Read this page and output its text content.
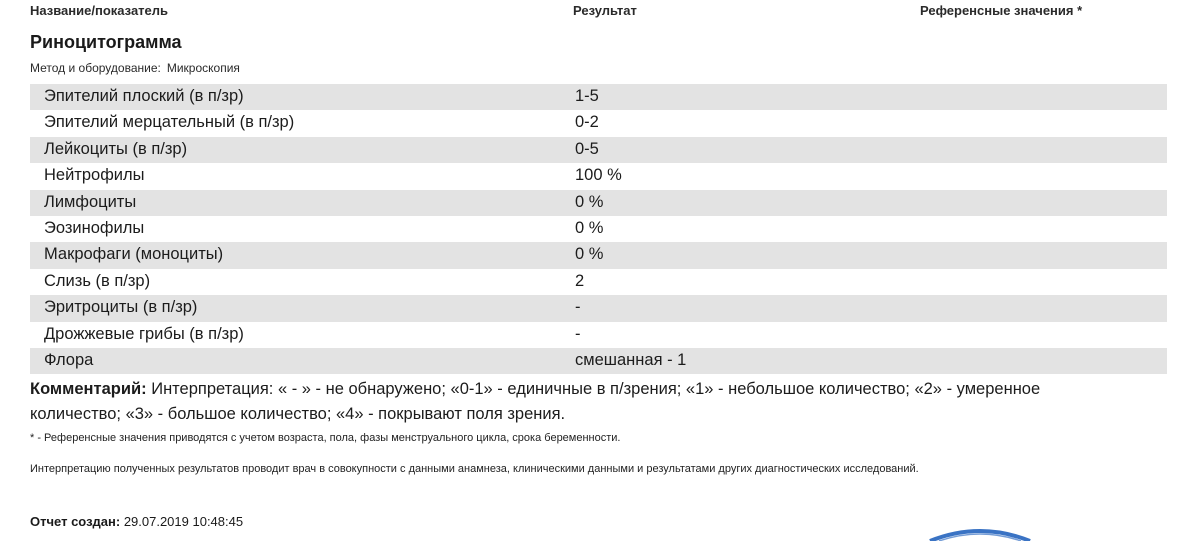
Название/показатель	Результат	Референсные значения *
Риноцитограмма
Метод и оборудование: Микроскопия
Эпителий плоский (в п/зр)	1-5
Эпителий мерцательный (в п/зр)	0-2
Лейкоциты (в п/зр)	0-5
Нейтрофилы	100 %
Лимфоциты	0 %
Эозинофилы	0 %
Макрофаги (моноциты)	0 %
Слизь (в п/зр)	2
Эритроциты (в п/зр)	-
Дрожжевые грибы (в п/зр)	-
Флора	смешанная - 1
Комментарий: Интерпретация: « - » - не обнаружено; «0-1» - единичные в п/зрения; «1» - небольшое количество; «2» - умеренное количество; «3» - большое количество; «4» - покрывают поля зрения.
* - Референсные значения приводятся с учетом возраста, пола, фазы менструального цикла, срока беременности.
Интерпретацию полученных результатов проводит врач в совокупности с данными анамнеза, клиническими данными и результатами других диагностических исследований.
Отчет создан: 29.07.2019 10:48:45
